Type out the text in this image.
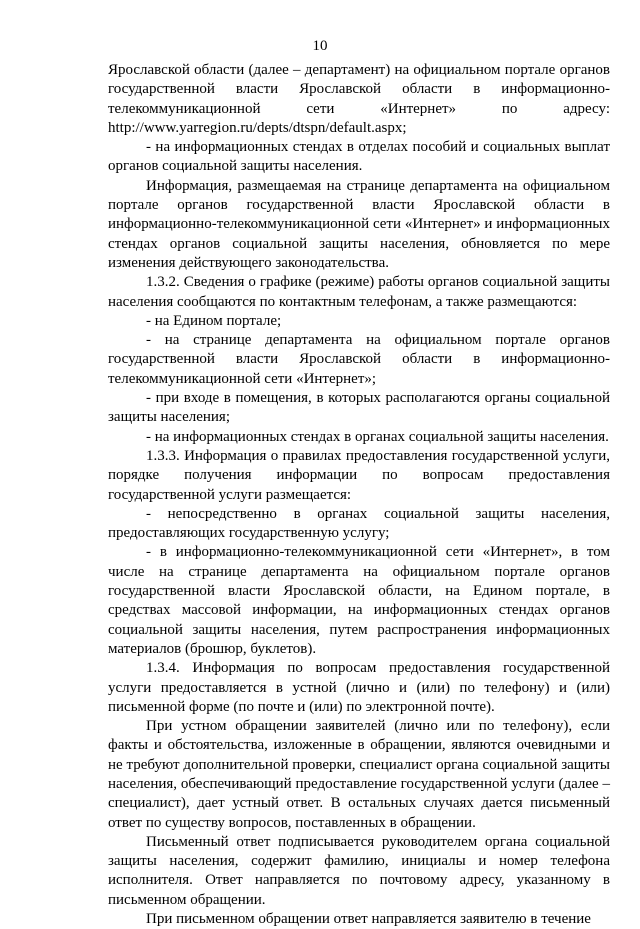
10

Ярославской области (далее – департамент) на официальном портале органов государственной власти Ярославской области в информационно-телекоммуникационной сети «Интернет» по адресу: http://www.yarregion.ru/depts/dtspn/default.aspx;

- на информационных стендах в отделах пособий и социальных выплат органов социальной защиты населения.

Информация, размещаемая на странице департамента на официальном портале органов государственной власти Ярославской области в информационно-телекоммуникационной сети «Интернет» и информационных стендах органов социальной защиты населения, обновляется по мере изменения действующего законодательства.

1.3.2. Сведения о графике (режиме) работы органов социальной защиты населения сообщаются по контактным телефонам, а также размещаются:

- на Едином портале;

- на странице департамента на официальном портале органов государственной власти Ярославской области в информационно-телекоммуникационной сети «Интернет»;

- при входе в помещения, в которых располагаются органы социальной защиты населения;

- на информационных стендах в органах социальной защиты населения.

1.3.3. Информация о правилах предоставления государственной услуги, порядке получения информации по вопросам предоставления государственной услуги размещается:

- непосредственно в органах социальной защиты населения, предоставляющих государственную услугу;

- в информационно-телекоммуникационной сети «Интернет», в том числе на странице департамента на официальном портале органов государственной власти Ярославской области, на Едином портале, в средствах массовой информации, на информационных стендах органов социальной защиты населения, путем распространения информационных материалов (брошюр, буклетов).

1.3.4. Информация по вопросам предоставления государственной услуги предоставляется в устной (лично и (или) по телефону) и (или) письменной форме (по почте и (или) по электронной почте).

При устном обращении заявителей (лично или по телефону), если факты и обстоятельства, изложенные в обращении, являются очевидными и не требуют дополнительной проверки, специалист органа социальной защиты населения, обеспечивающий предоставление государственной услуги (далее – специалист), дает устный ответ. В остальных случаях дается письменный ответ по существу вопросов, поставленных в обращении.

Письменный ответ подписывается руководителем органа социальной защиты населения, содержит фамилию, инициалы и номер телефона исполнителя. Ответ направляется по почтовому адресу, указанному в письменном обращении.

При письменном обращении ответ направляется заявителю в течение
